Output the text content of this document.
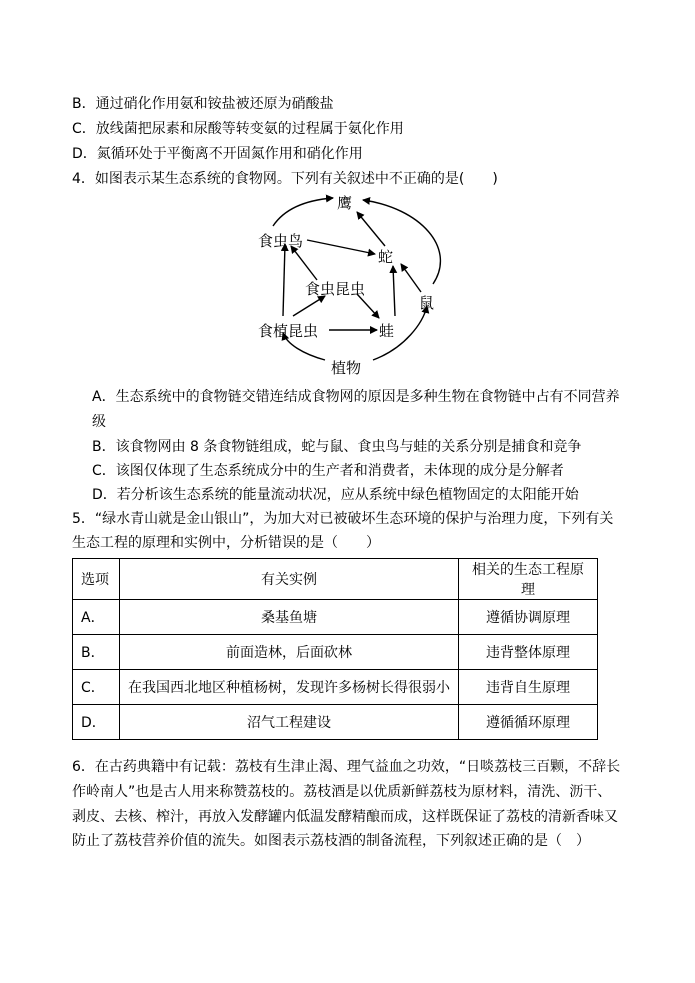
B．通过硝化作用氨和铵盐被还原为硝酸盐
C．放线菌把尿素和尿酸等转变氨的过程属于氨化作用
D．氮循环处于平衡离不开固氮作用和硝化作用
4．如图表示某生态系统的食物网。下列有关叙述中不正确的是(　　)
鹰
食虫鸟
蛇
食虫昆虫
鼠
食植昆虫	蛙
植物
A．生态系统中的食物链交错连结成食物网的原因是多种生物在食物链中占有不同营养
级
B．该食物网由 8 条食物链组成，蛇与鼠、食虫鸟与蛙的关系分别是捕食和竞争
C．该图仅体现了生态系统成分中的生产者和消费者，未体现的成分是分解者
D．若分析该生态系统的能量流动状况，应从系统中绿色植物固定的太阳能开始
5．“绿水青山就是金山银山”，为加大对已被破坏生态环境的保护与治理力度，下列有关
生态工程的原理和实例中，分析错误的是（　　）
选项	有关实例	相关的生态工程原理
A．	桑基鱼塘	遵循协调原理
B．	前面造林，后面砍林	违背整体原理
C．	在我国西北地区种植杨树，发现许多杨树长得很弱小	违背自生原理
D．	沼气工程建设	遵循循环原理
6．在古药典籍中有记载：荔枝有生津止渴、理气益血之功效，“日啖荔枝三百颗，不辞长
作岭南人”也是古人用来称赞荔枝的。荔枝酒是以优质新鲜荔枝为原材料，清洗、沥干、
剥皮、去核、榨汁，再放入发酵罐内低温发酵精酿而成，这样既保证了荔枝的清新香味又
防止了荔枝营养价值的流失。如图表示荔枝酒的制备流程，下列叙述正确的是（　）
